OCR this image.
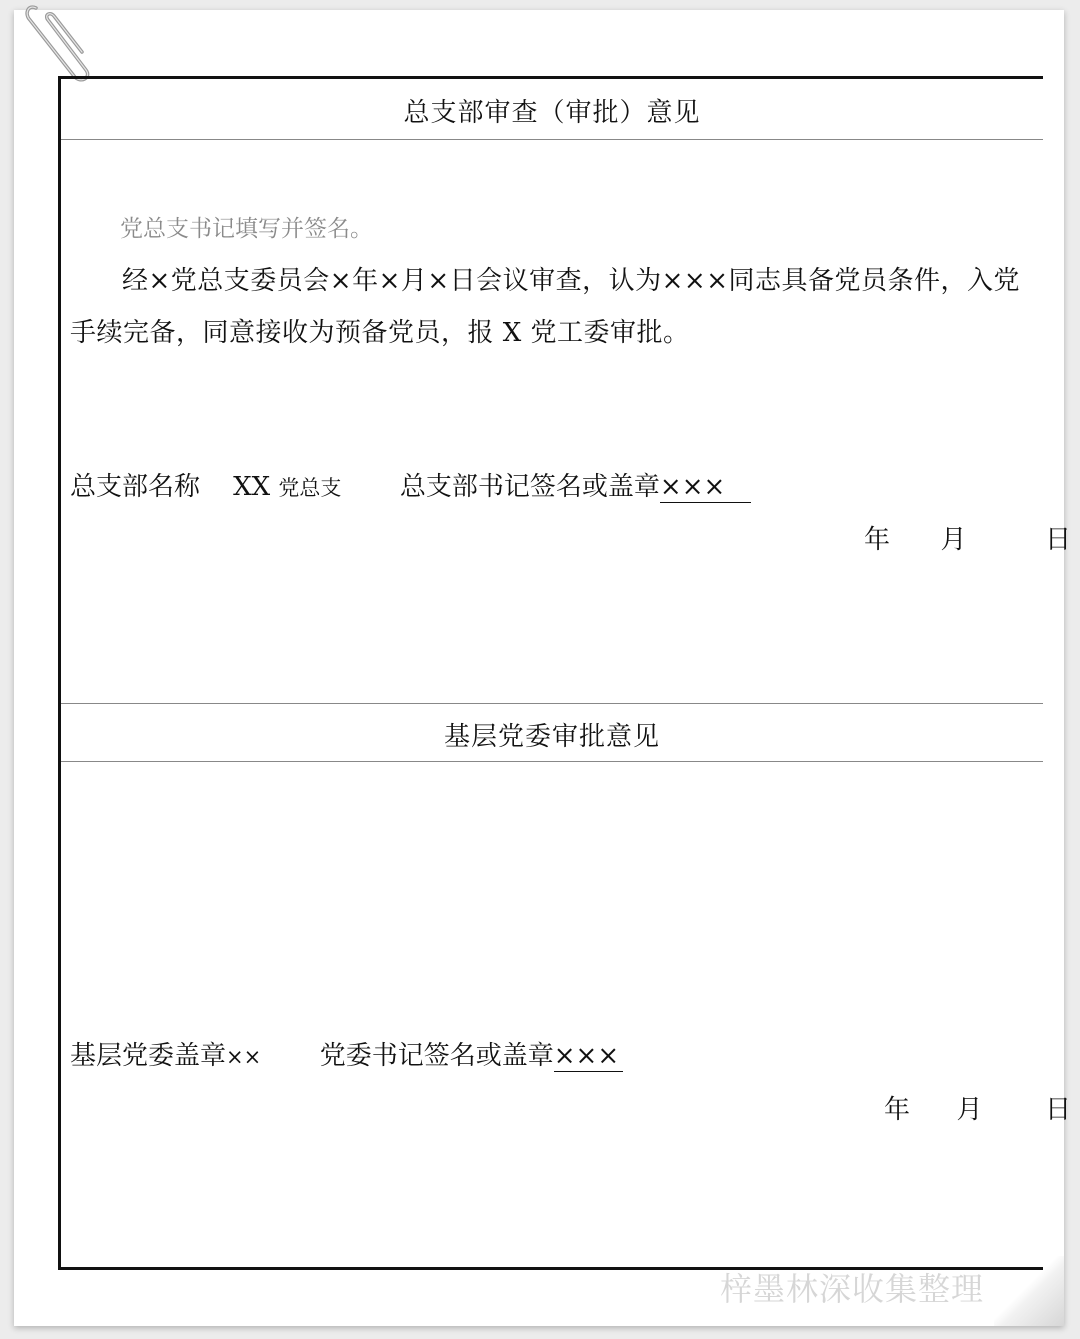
总支部审查（审批）意见
党总支书记填写并签名。
经×党总支委员会×年×月×日会议审查，认为×××同志具备党员条件，入党手续完备，同意接收为预备党员，报 X 党工委审批。
总支部名称 XX 党总支 总支部书记签名或盖章×××
年 月	日
基层党委审批意见
基层党委盖章×× 党委书记签名或盖章×××
年 月 日
梓墨林深收集整理
